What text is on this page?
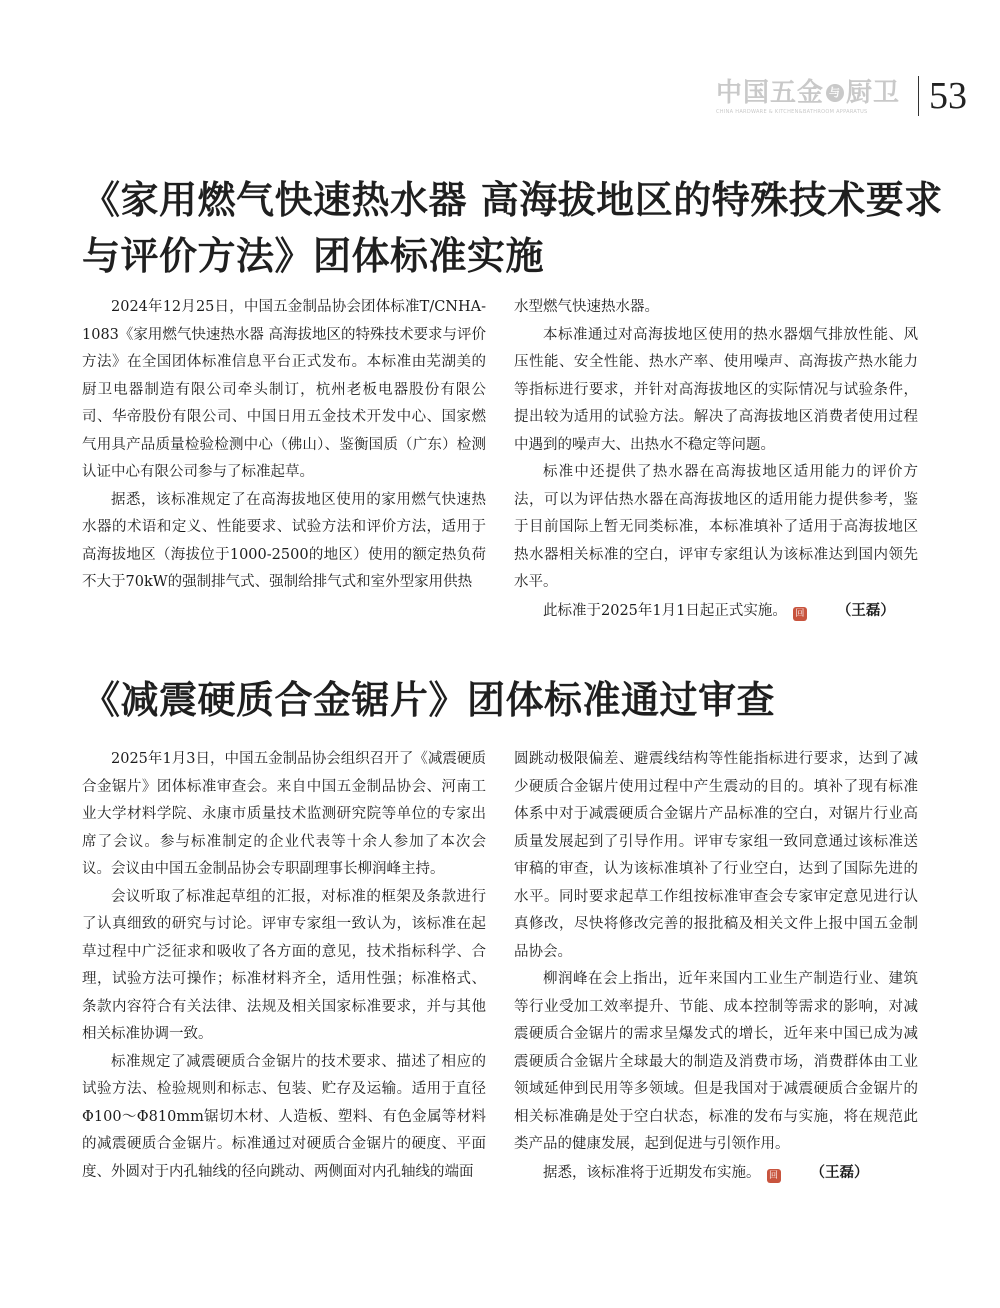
中国五金 与 厨卫
CHINA HARDWARE & KITCHEN&BATHROOM APPARATUS 53
《家用燃气快速热水器 高海拔地区的特殊技术要求与评价方法》团体标准实施

2024年12月25日，中国五金制品协会团体标准T/CNHA-1083《家用燃气快速热水器 高海拔地区的特殊技术要求与评价方法》在全国团体标准信息平台正式发布。本标准由芜湖美的厨卫电器制造有限公司牵头制订，杭州老板电器股份有限公司、华帝股份有限公司、中国日用五金技术开发中心、国家燃气用具产品质量检验检测中心（佛山）、鉴衡国质（广东）检测认证中心有限公司参与了标准起草。

据悉，该标准规定了在高海拔地区使用的家用燃气快速热水器的术语和定义、性能要求、试验方法和评价方法，适用于高海拔地区（海拔位于1000-2500的地区）使用的额定热负荷不大于70kW的强制排气式、强制给排气式和室外型家用供热

水型燃气快速热水器。

本标准通过对高海拔地区使用的热水器烟气排放性能、风压性能、安全性能、热水产率、使用噪声、高海拔产热水能力等指标进行要求，并针对高海拔地区的实际情况与试验条件，提出较为适用的试验方法。解决了高海拔地区消费者使用过程中遇到的噪声大、出热水不稳定等问题。

标准中还提供了热水器在高海拔地区适用能力的评价方法，可以为评估热水器在高海拔地区的适用能力提供参考，鉴于目前国际上暂无同类标准，本标准填补了适用于高海拔地区热水器相关标准的空白，评审专家组认为该标准达到国内领先水平。

此标准于2025年1月1日起正式实施。 回 （王磊）

《减震硬质合金锯片》团体标准通过审查

2025年1月3日，中国五金制品协会组织召开了《减震硬质合金锯片》团体标准审查会。来自中国五金制品协会、河南工业大学材料学院、永康市质量技术监测研究院等单位的专家出席了会议。参与标准制定的企业代表等十余人参加了本次会议。会议由中国五金制品协会专职副理事长柳润峰主持。

会议听取了标准起草组的汇报，对标准的框架及条款进行了认真细致的研究与讨论。评审专家组一致认为，该标准在起草过程中广泛征求和吸收了各方面的意见，技术指标科学、合理，试验方法可操作；标准材料齐全，适用性强；标准格式、条款内容符合有关法律、法规及相关国家标准要求，并与其他相关标准协调一致。

标准规定了减震硬质合金锯片的技术要求、描述了相应的试验方法、检验规则和标志、包装、贮存及运输。适用于直径Φ100～Φ810mm锯切木材、人造板、塑料、有色金属等材料的减震硬质合金锯片。标准通过对硬质合金锯片的硬度、平面度、外圆对于内孔轴线的径向跳动、两侧面对内孔轴线的端面

圆跳动极限偏差、避震线结构等性能指标进行要求，达到了减少硬质合金锯片使用过程中产生震动的目的。填补了现有标准体系中对于减震硬质合金锯片产品标准的空白，对锯片行业高质量发展起到了引导作用。评审专家组一致同意通过该标准送审稿的审查，认为该标准填补了行业空白，达到了国际先进的水平。同时要求起草工作组按标准审查会专家审定意见进行认真修改，尽快将修改完善的报批稿及相关文件上报中国五金制品协会。

柳润峰在会上指出，近年来国内工业生产制造行业、建筑等行业受加工效率提升、节能、成本控制等需求的影响，对减震硬质合金锯片的需求呈爆发式的增长，近年来中国已成为减震硬质合金锯片全球最大的制造及消费市场，消费群体由工业领域延伸到民用等多领域。但是我国对于减震硬质合金锯片的相关标准确是处于空白状态，标准的发布与实施，将在规范此类产品的健康发展，起到促进与引领作用。

据悉，该标准将于近期发布实施。 回 （王磊）
